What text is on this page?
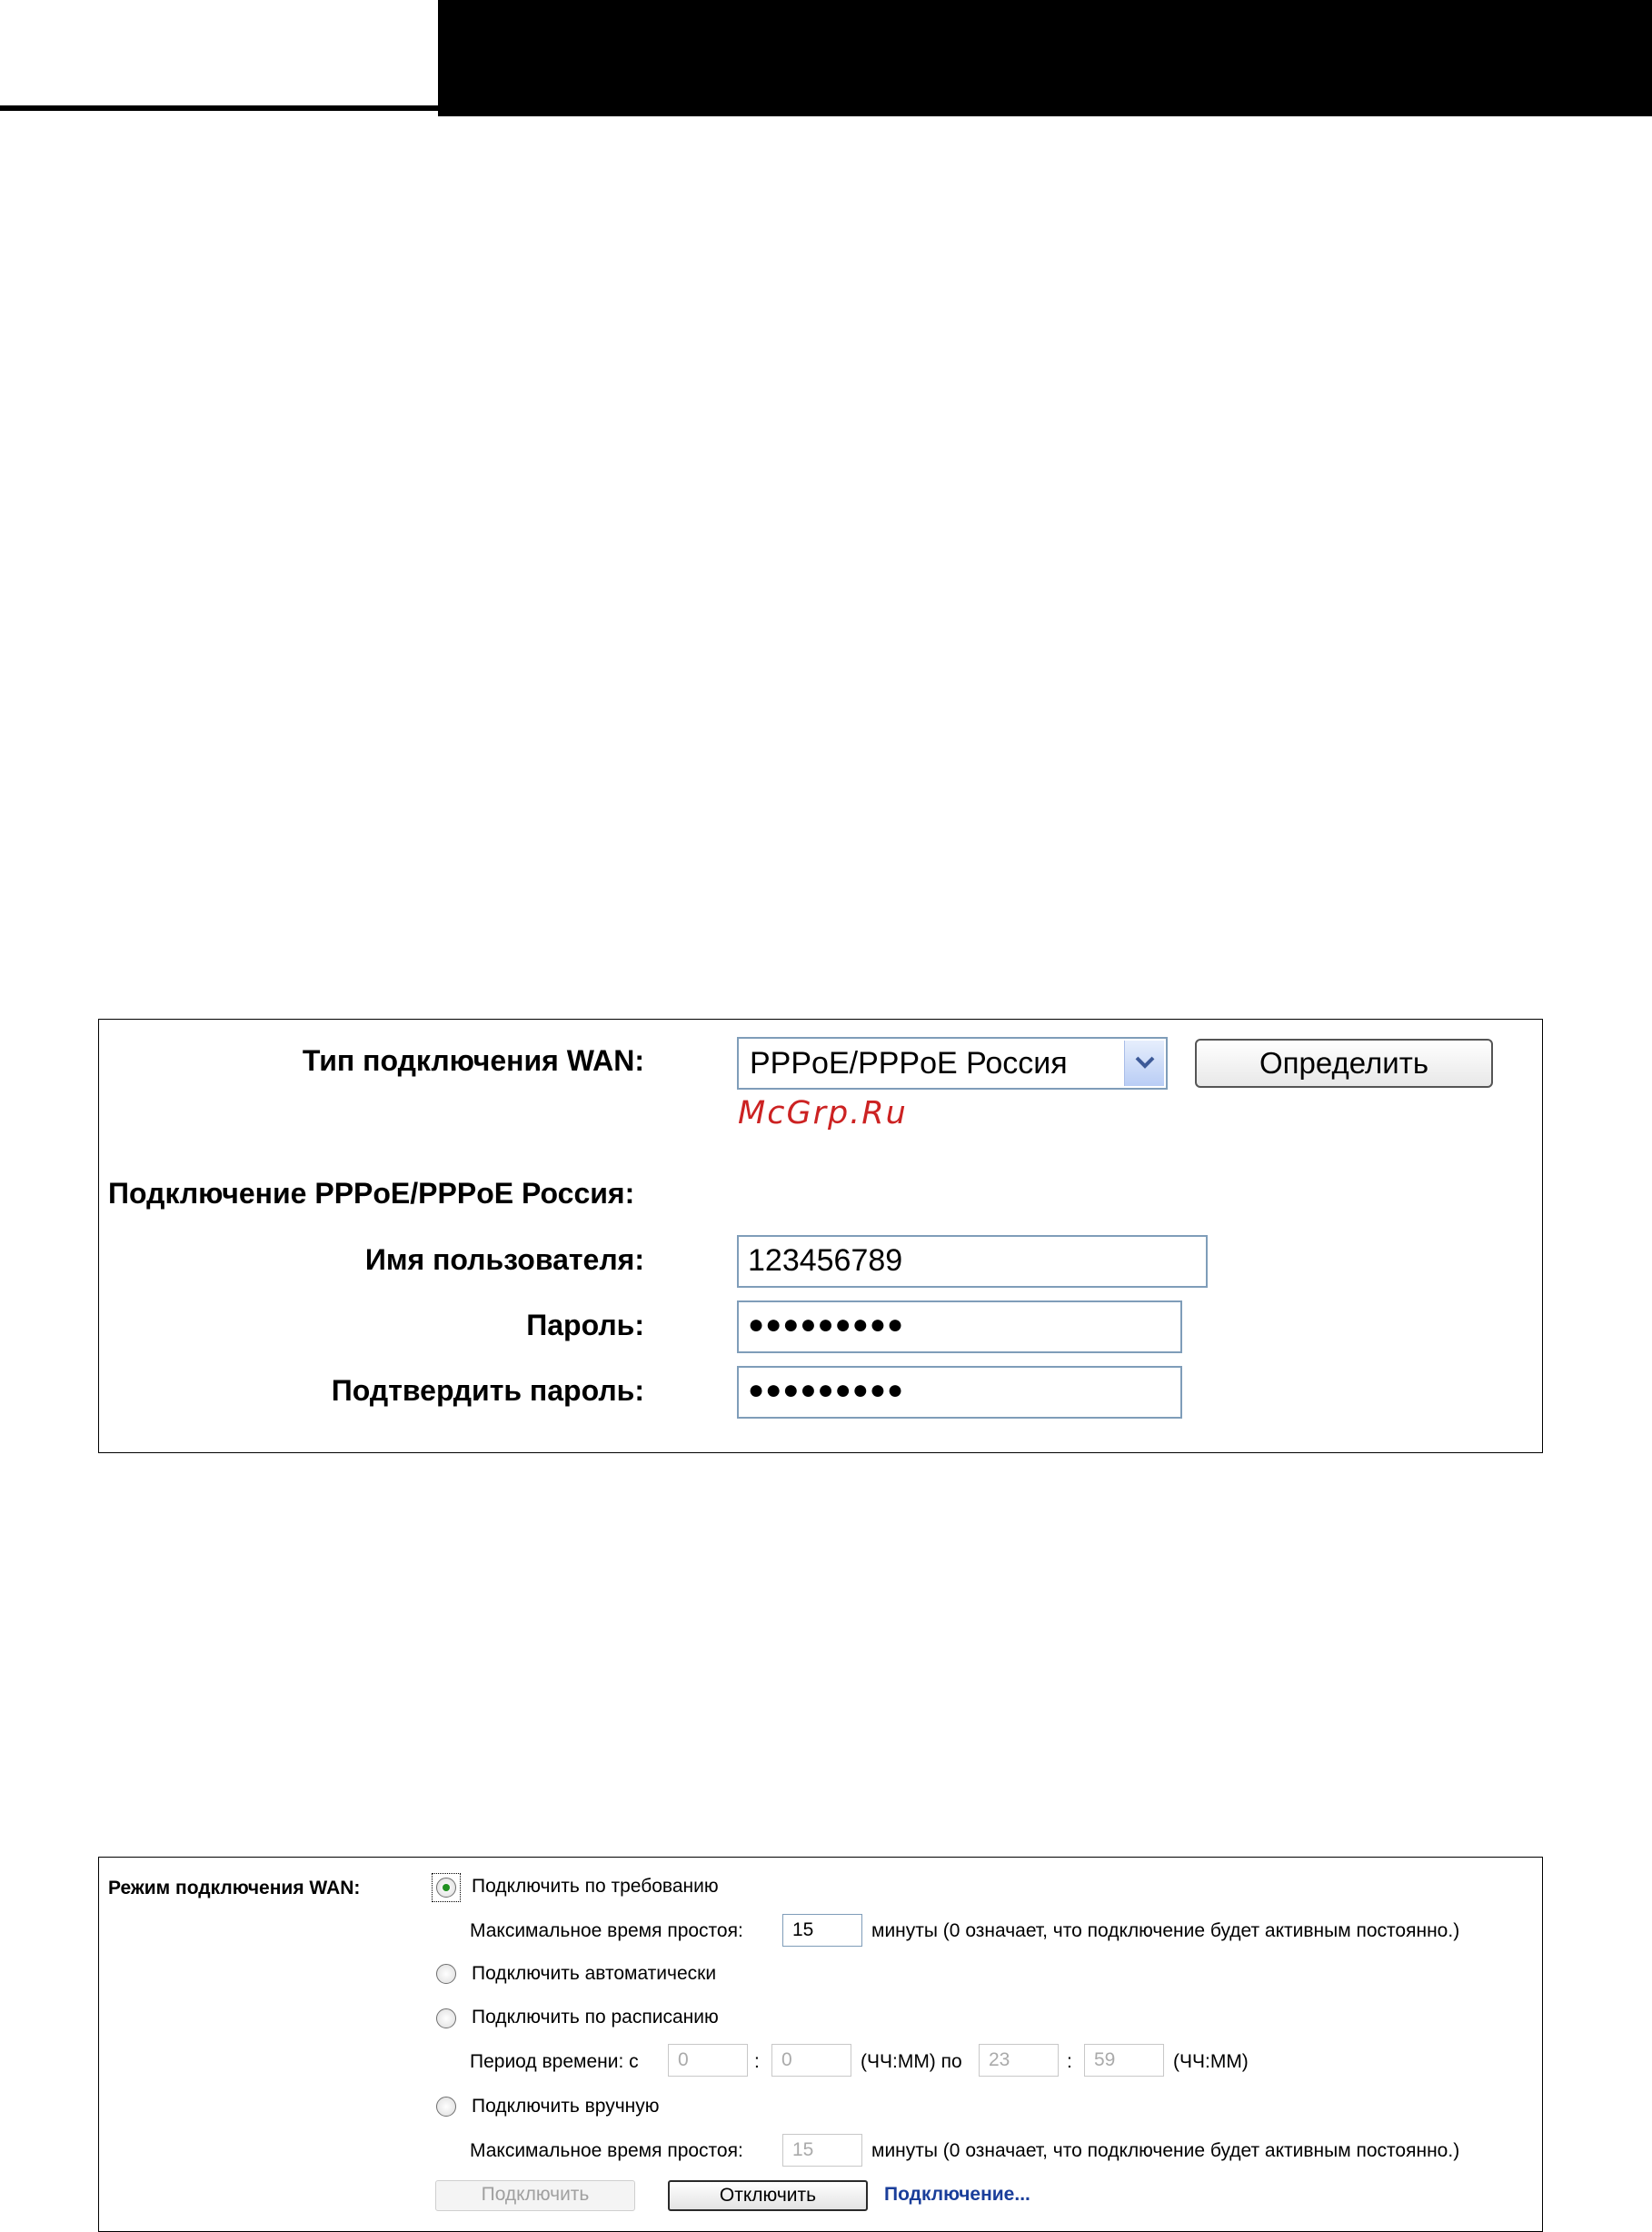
Тип подключения WAN:	PPPoE/PPPoE Россия	Определить
McGrp.Ru
Подключение PPPoE/PPPoE Россия:
Имя пользователя:	123456789
Пароль:	●●●●●●●●●
Подтвердить пароль:	●●●●●●●●●
Режим подключения WAN:	Подключить по требованию
Максимальное время простоя:	15	минуты (0 означает, что подключение будет активным постоянно.)
Подключить автоматически
Подключить по расписанию
Период времени: с	0	:	0	(ЧЧ:ММ) по	23	:	59	(ЧЧ:ММ)
Подключить вручную
Максимальное время простоя:	15	минуты (0 означает, что подключение будет активным постоянно.)
Подключить	Отключить	Подключение...
